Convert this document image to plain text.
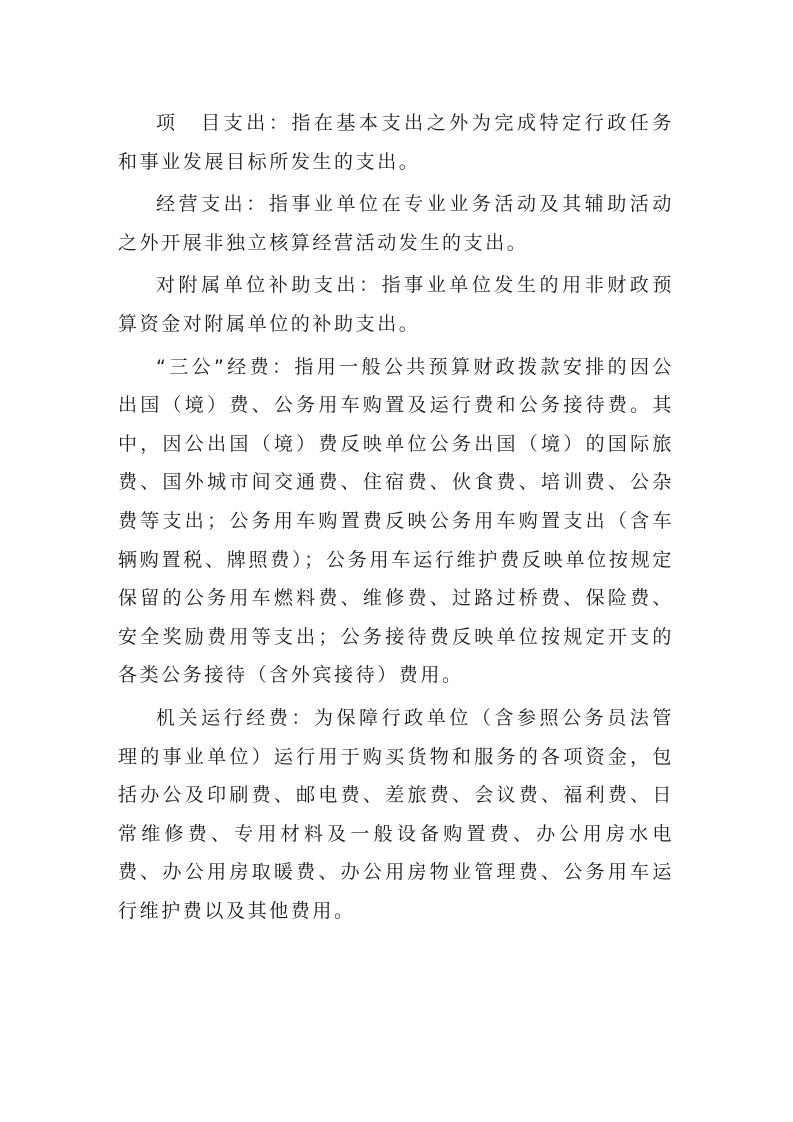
项　目支出：指在基本支出之外为完成特定行政任务和事业发展目标所发生的支出。

经营支出：指事业单位在专业业务活动及其辅助活动之外开展非独立核算经营活动发生的支出。

对附属单位补助支出：指事业单位发生的用非财政预算资金对附属单位的补助支出。

“三公”经费：指用一般公共预算财政拨款安排的因公出国（境）费、公务用车购置及运行费和公务接待费。其中，因公出国（境）费反映单位公务出国（境）的国际旅费、国外城市间交通费、住宿费、伙食费、培训费、公杂费等支出；公务用车购置费反映公务用车购置支出（含车辆购置税、牌照费）；公务用车运行维护费反映单位按规定保留的公务用车燃料费、维修费、过路过桥费、保险费、安全奖励费用等支出；公务接待费反映单位按规定开支的各类公务接待（含外宾接待）费用。

机关运行经费：为保障行政单位（含参照公务员法管理的事业单位）运行用于购买货物和服务的各项资金，包括办公及印刷费、邮电费、差旅费、会议费、福利费、日常维修费、专用材料及一般设备购置费、办公用房水电费、办公用房取暖费、办公用房物业管理费、公务用车运行维护费以及其他费用。
